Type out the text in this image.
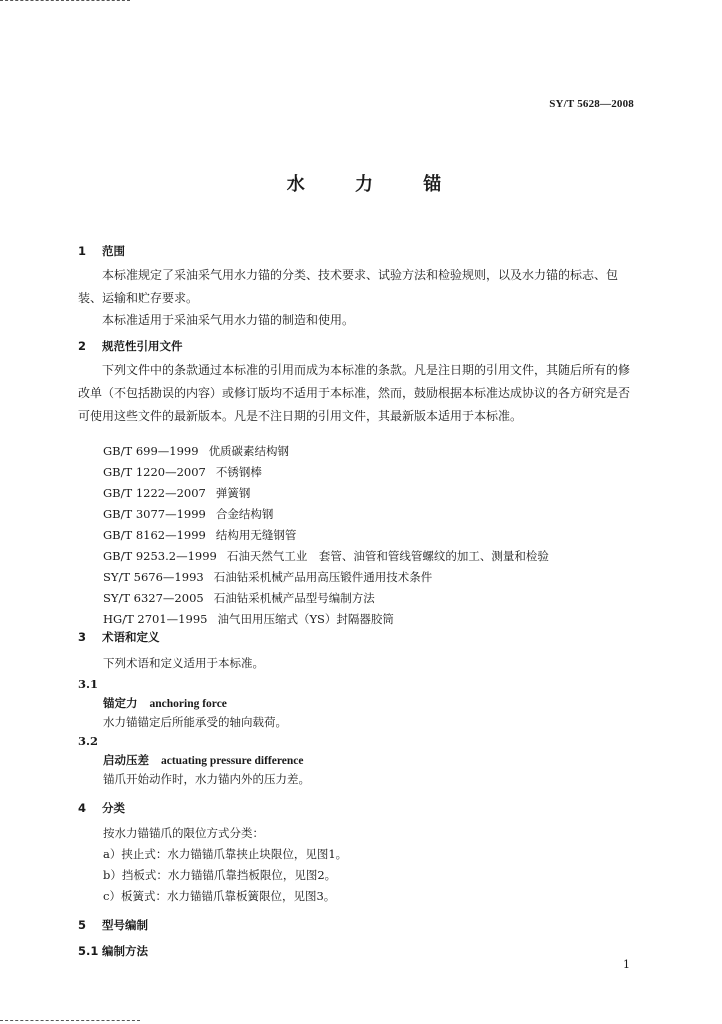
SY/T 5628—2008
水 力 锚
1 范围
本标准规定了采油采气用水力锚的分类、技术要求、试验方法和检验规则，以及水力锚的标志、包装、运输和贮存要求。
本标准适用于采油采气用水力锚的制造和使用。
2 规范性引用文件
下列文件中的条款通过本标准的引用而成为本标准的条款。凡是注日期的引用文件，其随后所有的修改单（不包括勘误的内容）或修订版均不适用于本标准，然而，鼓励根据本标准达成协议的各方研究是否可使用这些文件的最新版本。凡是不注日期的引用文件，其最新版本适用于本标准。
GB/T 699—1999 优质碳素结构钢
GB/T 1220—2007 不锈钢棒
GB/T 1222—2007 弹簧钢
GB/T 3077—1999 合金结构钢
GB/T 8162—1999 结构用无缝钢管
GB/T 9253.2—1999 石油天然气工业　套管、油管和管线管螺纹的加工、测量和检验
SY/T 5676—1993 石油钻采机械产品用高压锻件通用技术条件
SY/T 6327—2005 石油钻采机械产品型号编制方法
HG/T 2701—1995 油气田用压缩式（YS）封隔器胶筒
3 术语和定义
下列术语和定义适用于本标准。
3.1
锚定力 anchoring force
水力锚锚定后所能承受的轴向载荷。
3.2
启动压差 actuating pressure difference
锚爪开始动作时，水力锚内外的压力差。
4 分类
按水力锚锚爪的限位方式分类：
a）挟止式：水力锚锚爪靠挟止块限位，见图1。
b）挡板式：水力锚锚爪靠挡板限位，见图2。
c）板簧式：水力锚锚爪靠板簧限位，见图3。
5 型号编制
5.1 编制方法
1
